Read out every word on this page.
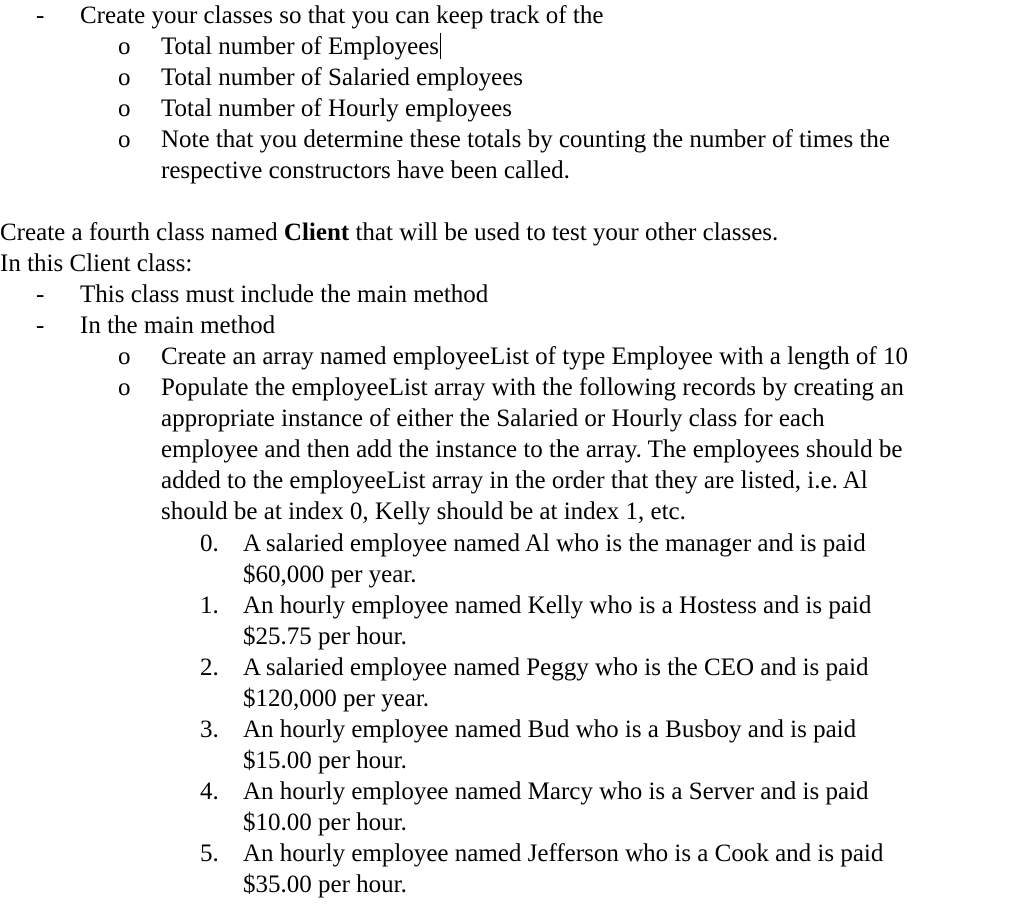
- Create your classes so that you can keep track of the
o Total number of Employees
o Total number of Salaried employees
o Total number of Hourly employees
o Note that you determine these totals by counting the number of times the
respective constructors have been called.
Create a fourth class named Client that will be used to test your other classes.
In this Client class:
- This class must include the main method
- In the main method
o Create an array named employeeList of type Employee with a length of 10
o Populate the employeeList array with the following records by creating an
appropriate instance of either the Salaried or Hourly class for each
employee and then add the instance to the array. The employees should be
added to the employeeList array in the order that they are listed, i.e. Al
should be at index 0, Kelly should be at index 1, etc.
0. A salaried employee named Al who is the manager and is paid
$60,000 per year.
1. An hourly employee named Kelly who is a Hostess and is paid
$25.75 per hour.
2. A salaried employee named Peggy who is the CEO and is paid
$120,000 per year.
3. An hourly employee named Bud who is a Busboy and is paid
$15.00 per hour.
4. An hourly employee named Marcy who is a Server and is paid
$10.00 per hour.
5. An hourly employee named Jefferson who is a Cook and is paid
$35.00 per hour.
